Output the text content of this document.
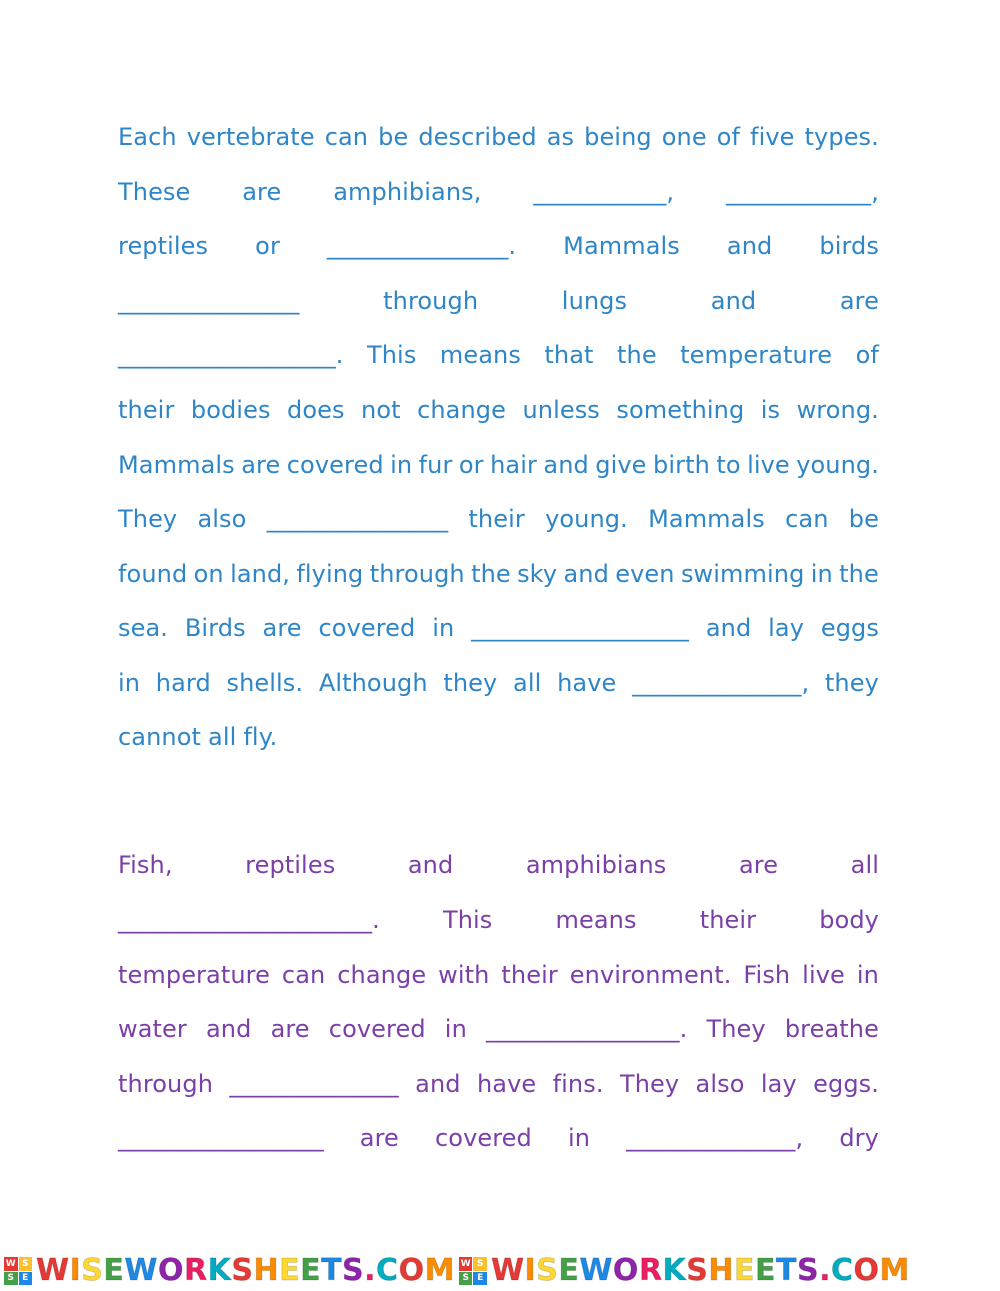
Each vertebrate can be described as being one of five types.
These are amphibians, ___________, ____________,
reptiles or _______________. Mammals and birds
_______________	through	lungs	and	are
__________________. This means that the temperature of
their bodies does not change unless something is wrong.
Mammals are covered in fur or hair and give birth to live young.
They also _______________ their young. Mammals can be
found on land, flying through the sky and even swimming in the
sea. Birds are covered in __________________ and lay eggs
in hard shells. Although they all have ______________, they
cannot all fly.
Fish,	reptiles	and	amphibians	are	all
_____________________.	This	means	their	body
temperature can change with their environment. Fish live in
water and are covered in ________________. They breathe
through ______________ and have fins. They also lay eggs.
_________________ are covered in ______________, dry
W S
S E WISEWORKSHEETS.COM W S
S E WISEWORKSHEETS.COM
